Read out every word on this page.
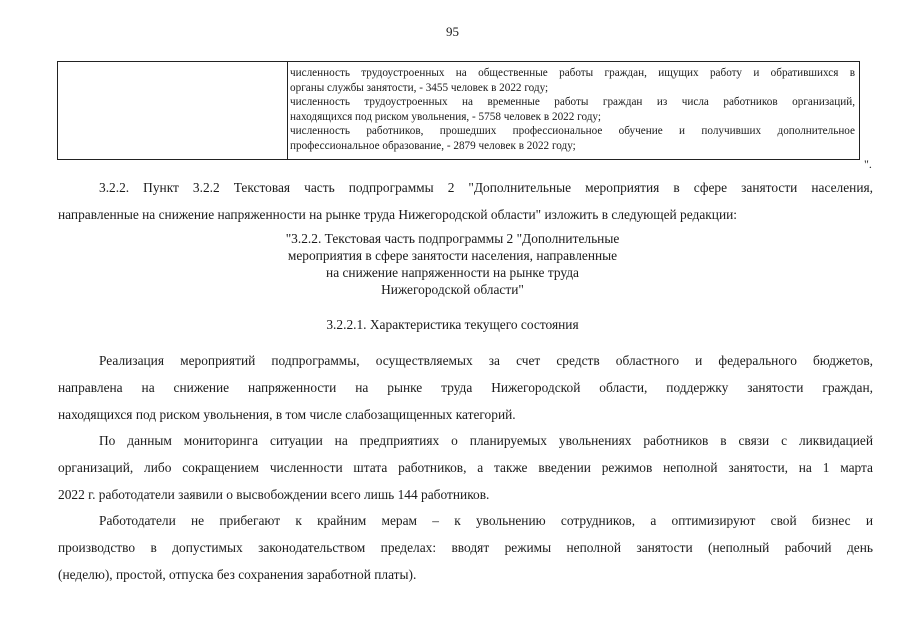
95
численность трудоустроенных на общественные работы граждан, ищущих работу и обратившихся в
органы службы занятости, - 3455 человек в 2022 году;
численность трудоустроенных на временные работы граждан из числа работников организаций,
находящихся под риском увольнения, - 5758 человек в 2022 году;
численность работников, прошедших профессиональное обучение и получивших дополнительное
профессиональное образование, - 2879 человек в 2022 году;
".
3.2.2. Пункт 3.2.2 Текстовая часть подпрограммы 2 "Дополнительные мероприятия в сфере занятости населения,
направленные на снижение напряженности на рынке труда Нижегородской области" изложить в следующей редакции:
"3.2.2. Текстовая часть подпрограммы 2 "Дополнительные
мероприятия в сфере занятости населения, направленные
на снижение напряженности на рынке труда
Нижегородской области"
3.2.2.1. Характеристика текущего состояния
Реализация мероприятий подпрограммы, осуществляемых за счет средств областного и федерального бюджетов,
направлена на снижение напряженности на рынке труда Нижегородской области, поддержку занятости граждан,
находящихся под риском увольнения, в том числе слабозащищенных категорий.
По данным мониторинга ситуации на предприятиях о планируемых увольнениях работников в связи с ликвидацией
организаций, либо сокращением численности штата работников, а также введении режимов неполной занятости, на 1 марта
2022 г. работодатели заявили о высвобождении всего лишь 144 работников.
Работодатели не прибегают к крайним мерам – к увольнению сотрудников, а оптимизируют свой бизнес и
производство в допустимых законодательством пределах: вводят режимы неполной занятости (неполный рабочий день
(неделю), простой, отпуска без сохранения заработной платы).
